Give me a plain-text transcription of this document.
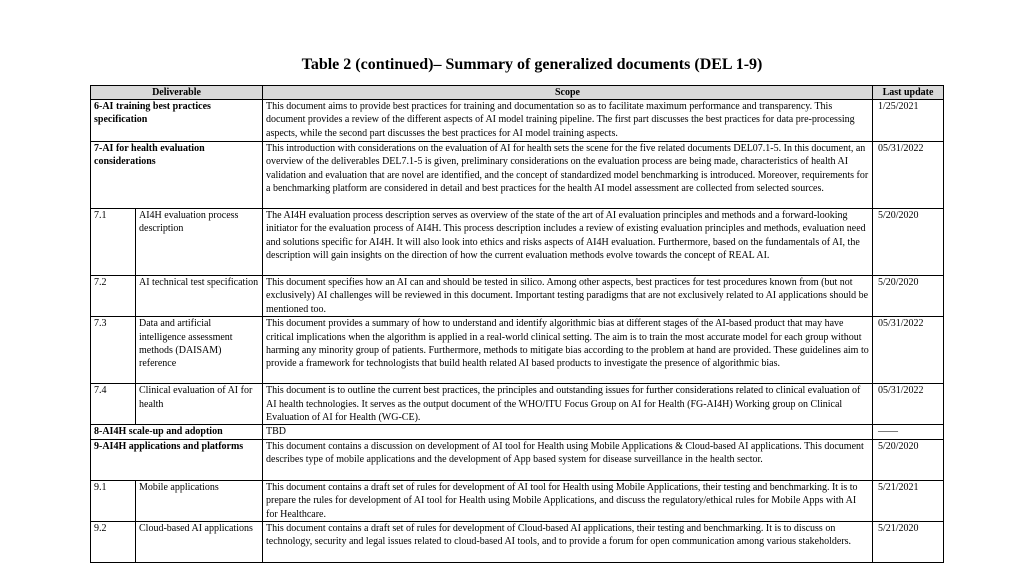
Table 2 (continued)– Summary of generalized documents (DEL 1-9)
Deliverable		Scope	Last update
6-AI training best practices specification		This document aims to provide best practices for training and documentation so as to facilitate maximum performance and transparency. This document provides a review of the different aspects of AI model training pipeline. The first part discusses the best practices for data pre-processing aspects, while the second part discusses the best practices for AI model training aspects.	1/25/2021
7-AI for health evaluation considerations		This introduction with considerations on the evaluation of AI for health sets the scene for the five related documents DEL07.1-5. In this document, an overview of the deliverables DEL7.1-5 is given, preliminary considerations on the evaluation process are being made, characteristics of health AI validation and evaluation that are novel are identified, and the concept of standardized model benchmarking is introduced. Moreover, requirements for a benchmarking platform are considered in detail and best practices for the health AI model assessment are collected from selected sources.	05/31/2022
7.1	AI4H evaluation process description	The AI4H evaluation process description serves as overview of the state of the art of AI evaluation principles and methods and a forward-looking initiator for the evaluation process of AI4H. This process description includes a review of existing evaluation principles and methods, evaluation need and solutions specific for AI4H. It will also look into ethics and risks aspects of AI4H evaluation. Furthermore, based on the fundamentals of AI, the description will gain insights on the direction of how the current evaluation methods evolve towards the concept of REAL AI.	5/20/2020
7.2	AI technical test specification	This document specifies how an AI can and should be tested in silico. Among other aspects, best practices for test procedures known from (but not exclusively) AI challenges will be reviewed in this document. Important testing paradigms that are not exclusively related to AI applications should be mentioned too.	5/20/2020
7.3	Data and artificial intelligence assessment methods (DAISAM) reference	This document provides a summary of how to understand and identify algorithmic bias at different stages of the AI-based product that may have critical implications when the algorithm is applied in a real-world clinical setting. The aim is to train the most accurate model for each group without harming any minority group of patients. Furthermore, methods to mitigate bias according to the problem at hand are provided. These guidelines aim to provide a framework for technologists that build health related AI based products to investigate the presence of algorithmic bias.	05/31/2022
7.4	Clinical evaluation of AI for health	This document is to outline the current best practices, the principles and outstanding issues for further considerations related to clinical evaluation of AI health technologies. It serves as the output document of the WHO/ITU Focus Group on AI for Health (FG-AI4H) Working group on Clinical Evaluation of AI for Health (WG-CE).	05/31/2022
8-AI4H scale-up and adoption		TBD	——
9-AI4H applications and platforms		This document contains a discussion on development of AI tool for Health using Mobile Applications & Cloud-based AI applications. This document describes type of mobile applications and the development of App based system for disease surveillance in the health sector.	5/20/2020
9.1	Mobile applications	This document contains a draft set of rules for development of AI tool for Health using Mobile Applications, their testing and benchmarking. It is to prepare the rules for development of AI tool for Health using Mobile Applications, and discuss the regulatory/ethical rules for Mobile Apps with AI for Healthcare.	5/21/2021
9.2	Cloud-based AI applications	This document contains a draft set of rules for development of Cloud-based AI applications, their testing and benchmarking. It is to discuss on technology, security and legal issues related to cloud-based AI tools, and to provide a forum for open communication among various stakeholders.	5/21/2020
